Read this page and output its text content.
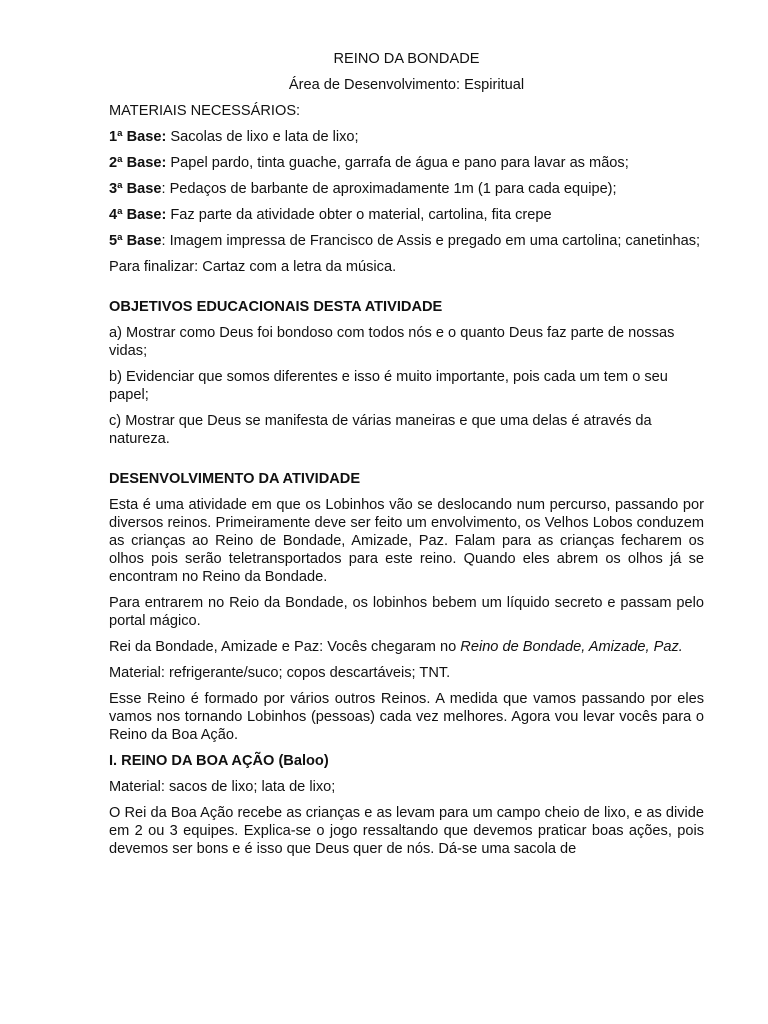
REINO DA BONDADE

Área de Desenvolvimento: Espiritual

MATERIAIS NECESSÁRIOS:

1ª Base: Sacolas de lixo e lata de lixo;

2ª Base: Papel pardo, tinta guache, garrafa de água e pano para lavar as mãos;

3ª Base: Pedaços de barbante de aproximadamente 1m (1 para cada equipe);

4ª Base: Faz parte da atividade obter o material, cartolina, fita crepe

5ª Base: Imagem impressa de Francisco de Assis e pregado em uma cartolina; canetinhas;

Para finalizar: Cartaz com a letra da música.

OBJETIVOS EDUCACIONAIS DESTA ATIVIDADE

a) Mostrar como Deus foi bondoso com todos nós e o quanto Deus faz parte de nossas vidas;

b) Evidenciar que somos diferentes e isso é muito importante, pois cada um tem o seu papel;

c) Mostrar que Deus se manifesta de várias maneiras e que uma delas é através da natureza.

DESENVOLVIMENTO DA ATIVIDADE

Esta é uma atividade em que os Lobinhos vão se deslocando num percurso, passando por diversos reinos. Primeiramente deve ser feito um envolvimento, os Velhos Lobos conduzem as crianças ao Reino de Bondade, Amizade, Paz. Falam para as crianças fecharem os olhos pois serão teletransportados para este reino. Quando eles abrem os olhos já se encontram no Reino da Bondade.

Para entrarem no Reio da Bondade, os lobinhos bebem um líquido secreto e passam pelo portal mágico.

Rei da Bondade, Amizade e Paz: Vocês chegaram no Reino de Bondade, Amizade, Paz.

Material: refrigerante/suco; copos descartáveis; TNT.

Esse Reino é formado por vários outros Reinos. A medida que vamos passando por eles vamos nos tornando Lobinhos (pessoas) cada vez melhores. Agora vou levar vocês para o Reino da Boa Ação.

I. REINO DA BOA AÇÃO (Baloo)

Material: sacos de lixo; lata de lixo;

O Rei da Boa Ação recebe as crianças e as levam para um campo cheio de lixo, e as divide em 2 ou 3 equipes. Explica-se o jogo ressaltando que devemos praticar boas ações, pois devemos ser bons e é isso que Deus quer de nós. Dá-se uma sacola de
